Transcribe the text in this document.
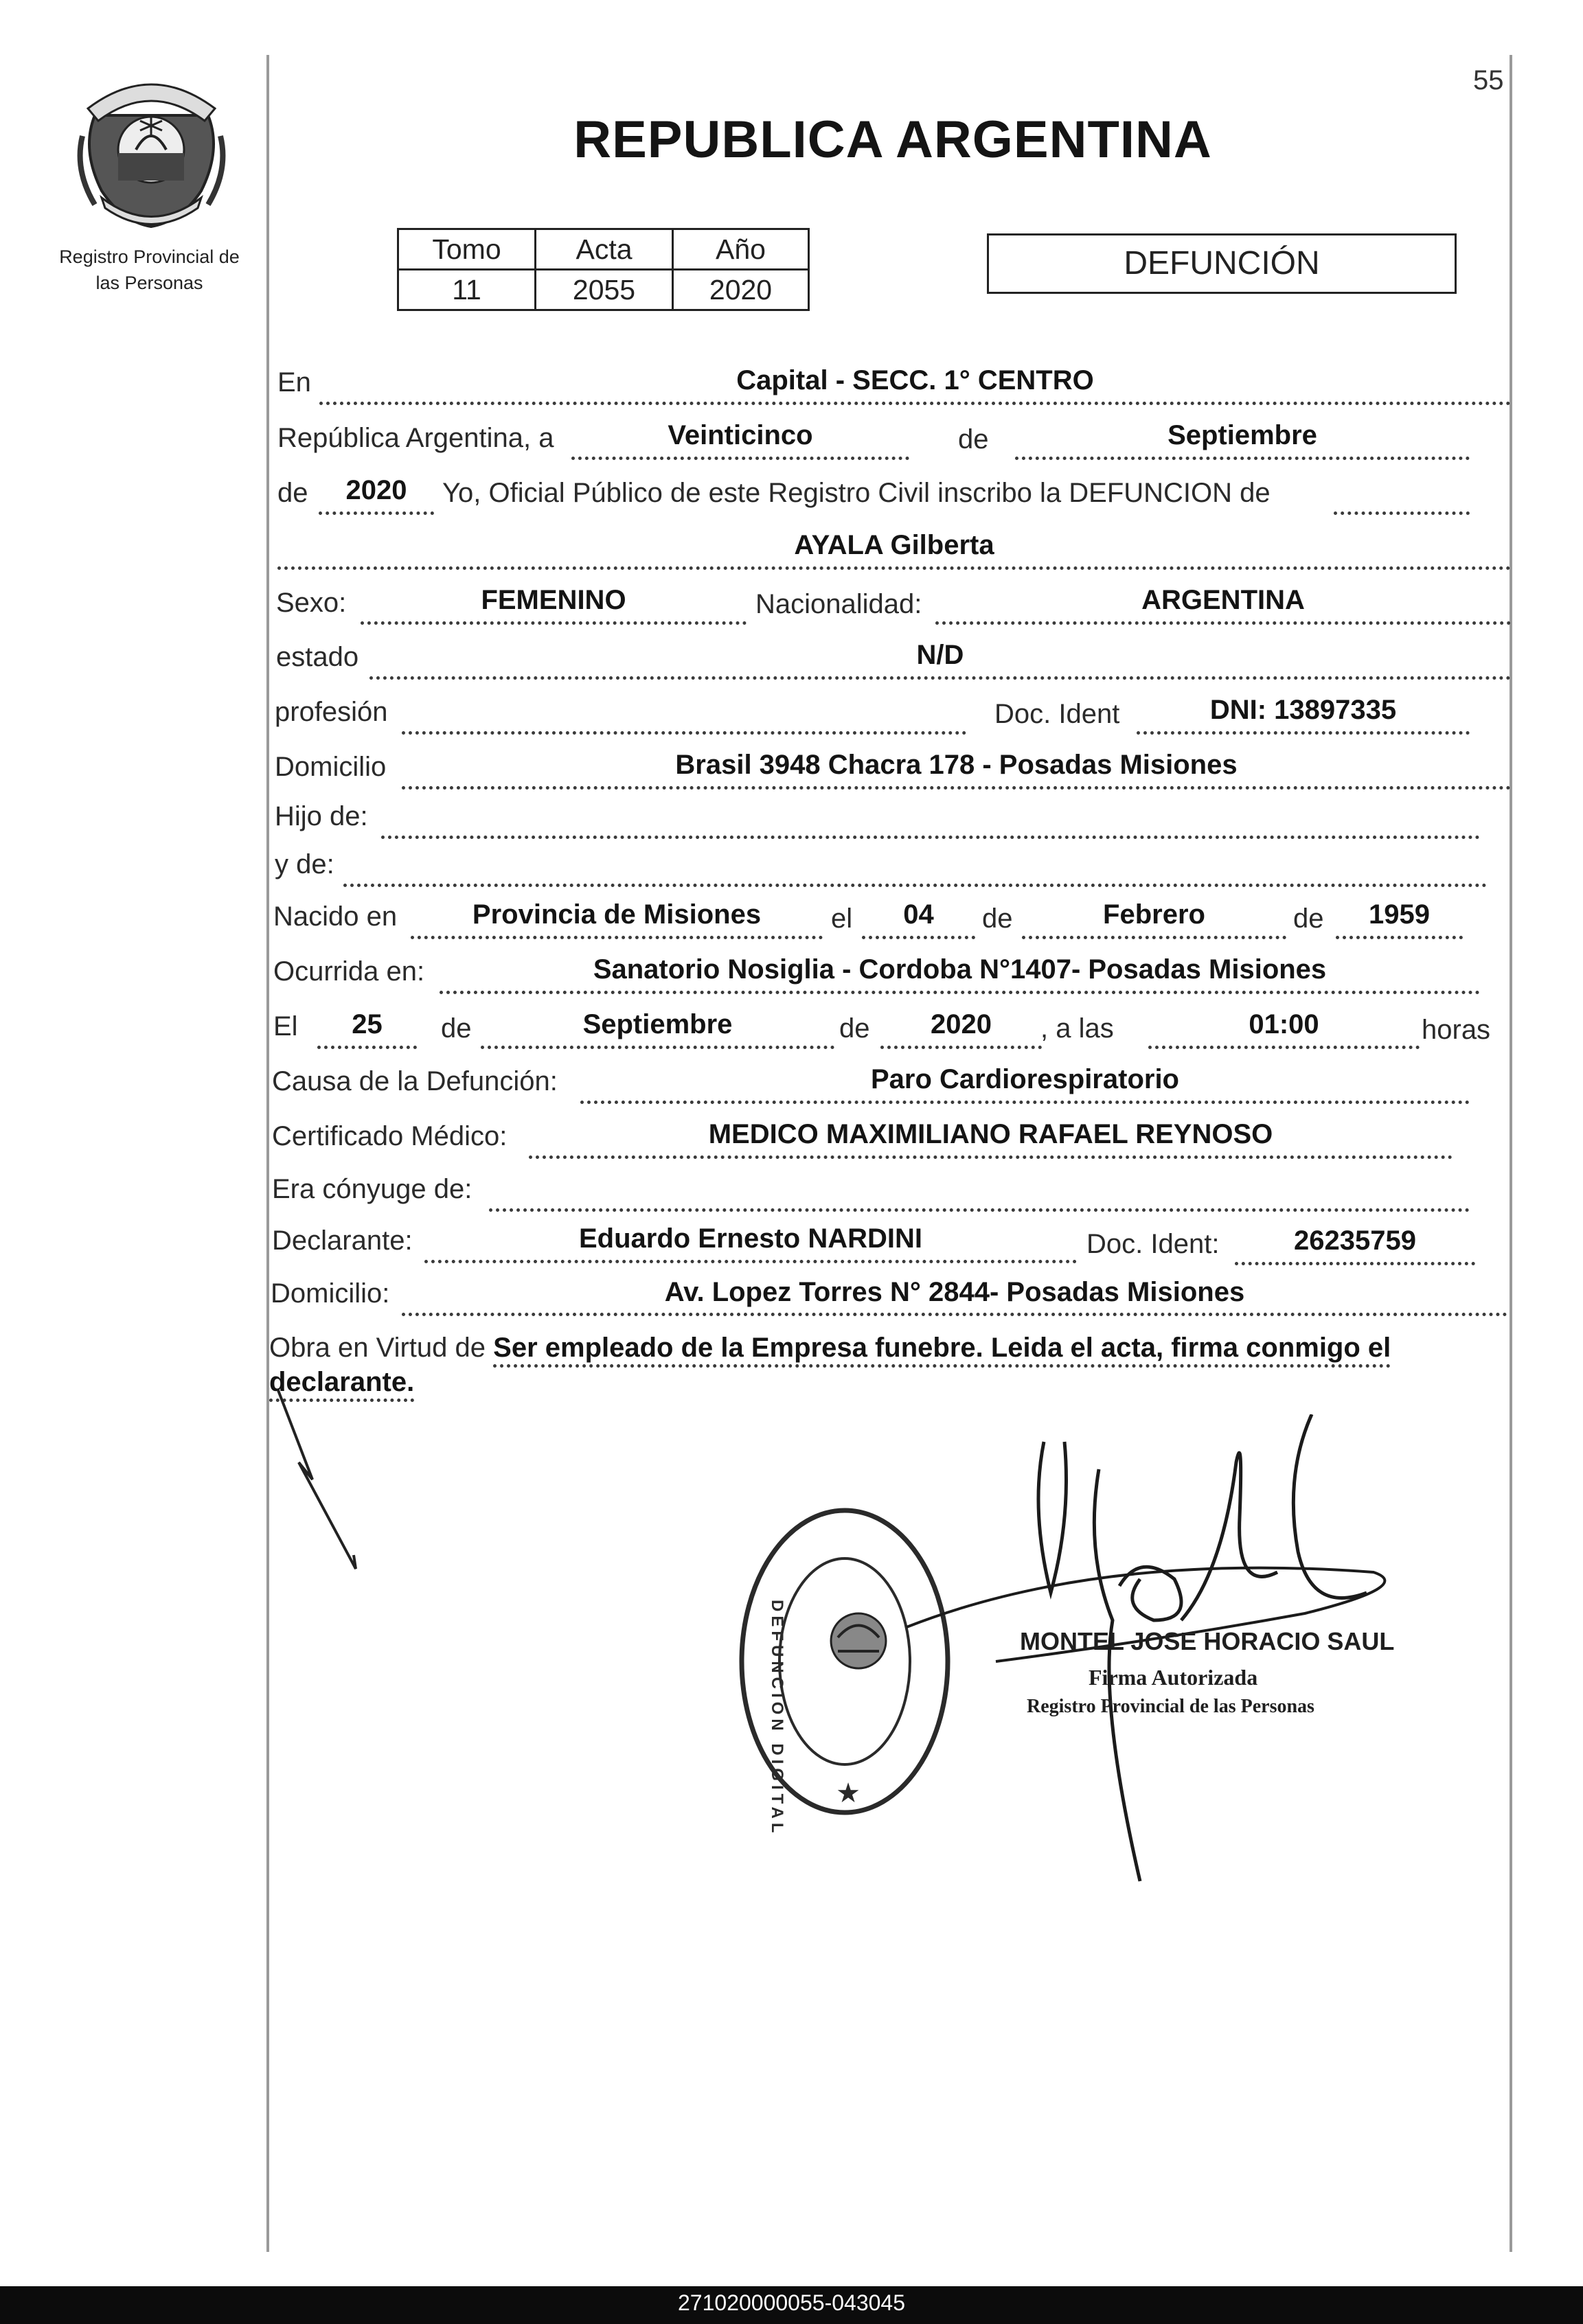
55
Registro Provincial de
las Personas
REPUBLICA ARGENTINA
Tomo	Acta	Año
11	2055	2020
DEFUNCIÓN
En	Capital - SECC. 1° CENTRO
República Argentina, a	Veinticinco	de	Septiembre
de	2020	Yo, Oficial Público de este Registro Civil inscribo la DEFUNCION de
AYALA Gilberta
Sexo:	FEMENINO	Nacionalidad:	ARGENTINA
estado	N/D
profesión	Doc. Ident	DNI: 13897335
Domicilio	Brasil 3948 Chacra 178 - Posadas Misiones
Hijo de:
y de:
Nacido en	Provincia de Misiones	el	04	de	Febrero	de	1959
Ocurrida en:	Sanatorio Nosiglia - Cordoba N°1407- Posadas Misiones
El	25	de	Septiembre	de	2020	, a las	01:00	horas
Causa de la Defunción:	Paro Cardiorespiratorio
Certificado Médico:	MEDICO MAXIMILIANO RAFAEL REYNOSO
Era cónyuge de:
Declarante:	Eduardo Ernesto NARDINI	Doc. Ident:	26235759
Domicilio:	Av. Lopez Torres N° 2844- Posadas Misiones
Obra en Virtud de Ser empleado de la Empresa funebre. Leida el acta, firma conmigo el declarante.
★
DEFUNCION DIGITAL	MONTEL JOSE HORACIO SAUL
Firma Autorizada
Registro Provincial de las Personas
271020000055-043045
